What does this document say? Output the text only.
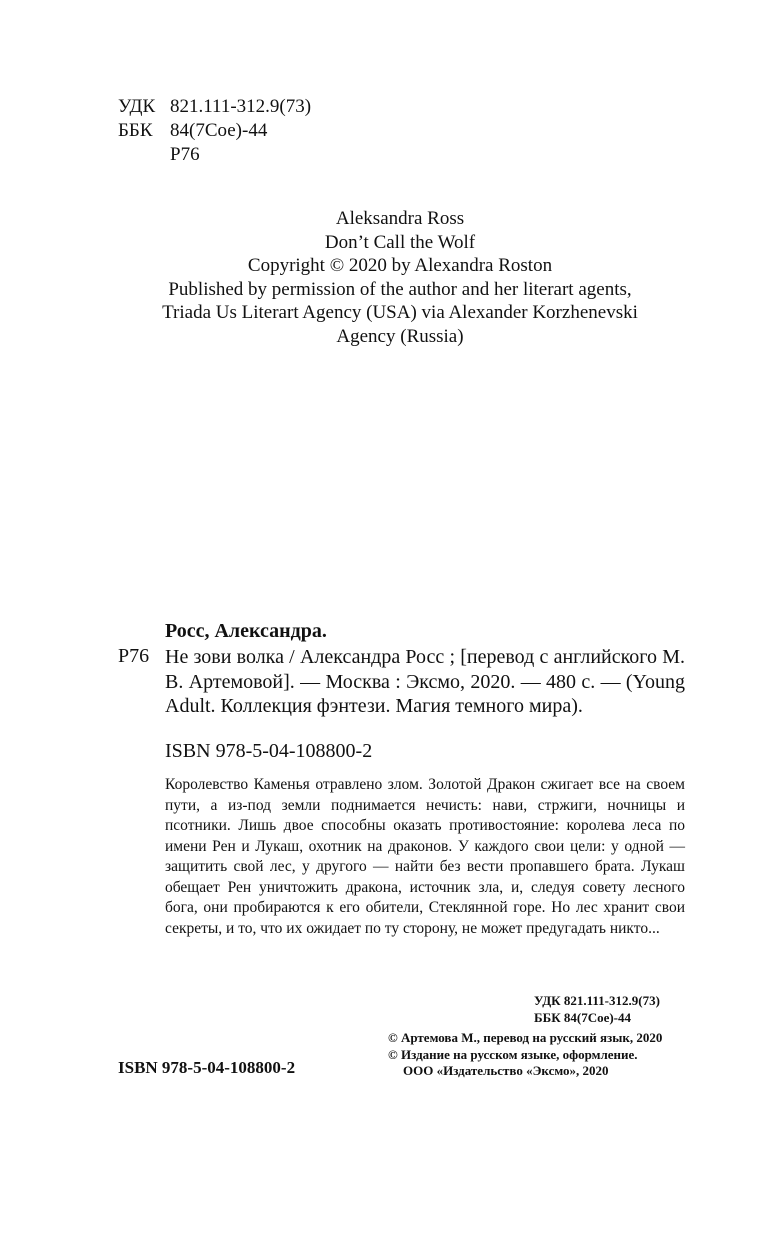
УДК 821.111-312.9(73)
ББК 84(7Сое)-44
Р76
Aleksandra Ross
Don’t Call the Wolf
Copyright © 2020 by Alexandra Roston
Published by permission of the author and her literart agents,
Triada Us Literart Agency (USA) via Alexander Korzhenevski
Agency (Russia)
Росс, Александра.
Р76 Не зови волка / Александра Росс ; [перевод с английского М. В. Артемовой]. — Москва : Эксмо, 2020. — 480 с. — (Young Adult. Коллекция фэнтези. Магия темного мира).
ISBN 978-5-04-108800-2

Королевство Каменья отравлено злом. Золотой Дракон сжигает все на своем пути, а из-под земли поднимается нечисть: нави, стржиги, ночницы и псотники. Лишь двое способны оказать противостояние: королева леса по имени Рен и Лукаш, охотник на драконов. У каждого свои цели: у одной — защитить свой лес, у другого — найти без вести пропавшего брата. Лукаш обещает Рен уничтожить дракона, источник зла, и, следуя совету лесного бога, они пробираются к его обители, Стеклянной горе. Но лес хранит свои секреты, и то, что их ожидает по ту сторону, не может предугадать никто...

УДК 821.111-312.9(73)
ББК 84(7Сое)-44
© Артемова М., перевод на русский язык, 2020
© Издание на русском языке, оформление.
ООО «Издательство «Эксмо», 2020
ISBN 978-5-04-108800-2
